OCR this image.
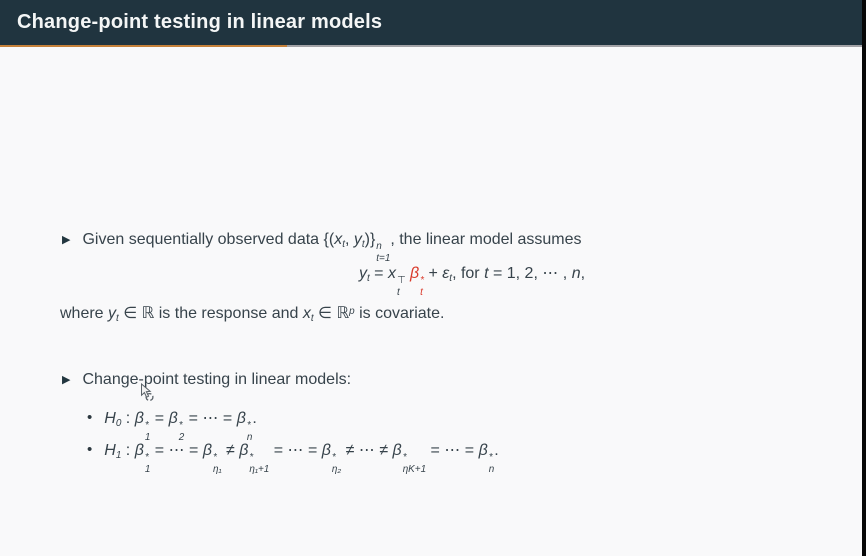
Change-point testing in linear models
▶ Given sequentially observed data {($x_t$, $y_t$)} n
t=1
, the linear model assumes
$y_t = x$ ⊤
t
β *
t
+ $\varepsilon_t$, for t = 1, 2, ⋯ , n,
where $y_t$ ∈ ℝ is the response and $x_t$ ∈ ℝ$^p$ is covariate.
▶ Change-point testing in linear models:
• $H_0$ : β *
1
= β *
2
= ⋯ = β *
n
.
• $H_1$ : β *
1
= ⋯ = β *
η₁
≠ β *
η₁+1
= ⋯ = β *
η₂
≠ ⋯ ≠ β *
ηK+1
= ⋯ = β *
n
.
